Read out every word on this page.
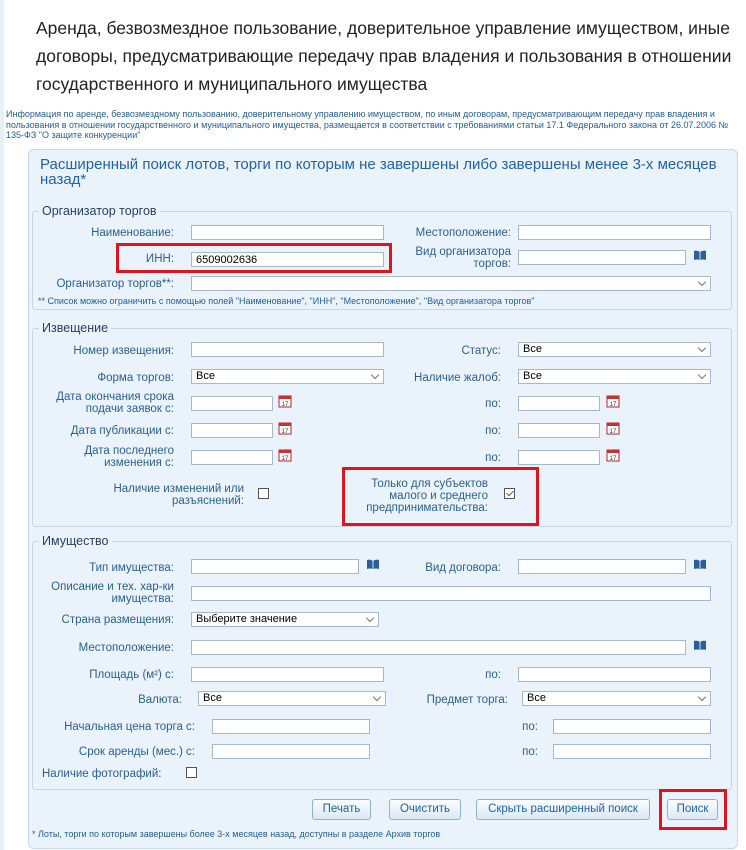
Аренда, безвозмездное пользование, доверительное управление имуществом, иные договоры, предусматривающие передачу прав владения и пользования в отношении государственного и муниципального имущества
Информация по аренде, безвозмездному пользованию, доверительному управлению имуществом, по иным договорам, предусматривающим передачу прав владения и пользования в отношении государственного и муниципального имущества, размещается в соответствии с требованиями статьи 17.1 Федерального закона от 26.07.2006 № 135-ФЗ "О защите конкуренции"
Расширенный поиск лотов, торги по которым не завершены либо завершены менее 3-х месяцев назад*
Организатор торгов
Наименование:	Местоположение:
ИНН:
6509002636
Вид организатора торгов:
Организатор торгов**:
** Список можно ограничить с помощью полей "Наименование", "ИНН", "Местоположение", "Вид организатора торгов"
Извещение
Номер извещения:	Статус:	Все
Форма торгов:	Все	Наличие жалоб:	Все
Дата окончания срока подачи заявок с:	17	по:	17
Дата публикации с:	17	по:	17
Дата последнего изменения с:	17	по:	17
Наличие изменений или разъяснений:
Только для субъектов малого и среднего предпринимательства:
Имущество
Тип имущества:	Вид договора:
Описание и тех. хар-ки имущества:
Страна размещения:	Выберите значение
Местоположение:
Площадь (м²) с:	по:
Валюта:	Все	Предмет торга:	Все
Начальная цена торга с:	по:
Срок аренды (мес.) с:	по:
Наличие фотографий:
Печать	Очистить	Скрыть расширенный поиск	Поиск
* Лоты, торги по которым завершены более 3-х месяцев назад, доступны в разделе Архив торгов
